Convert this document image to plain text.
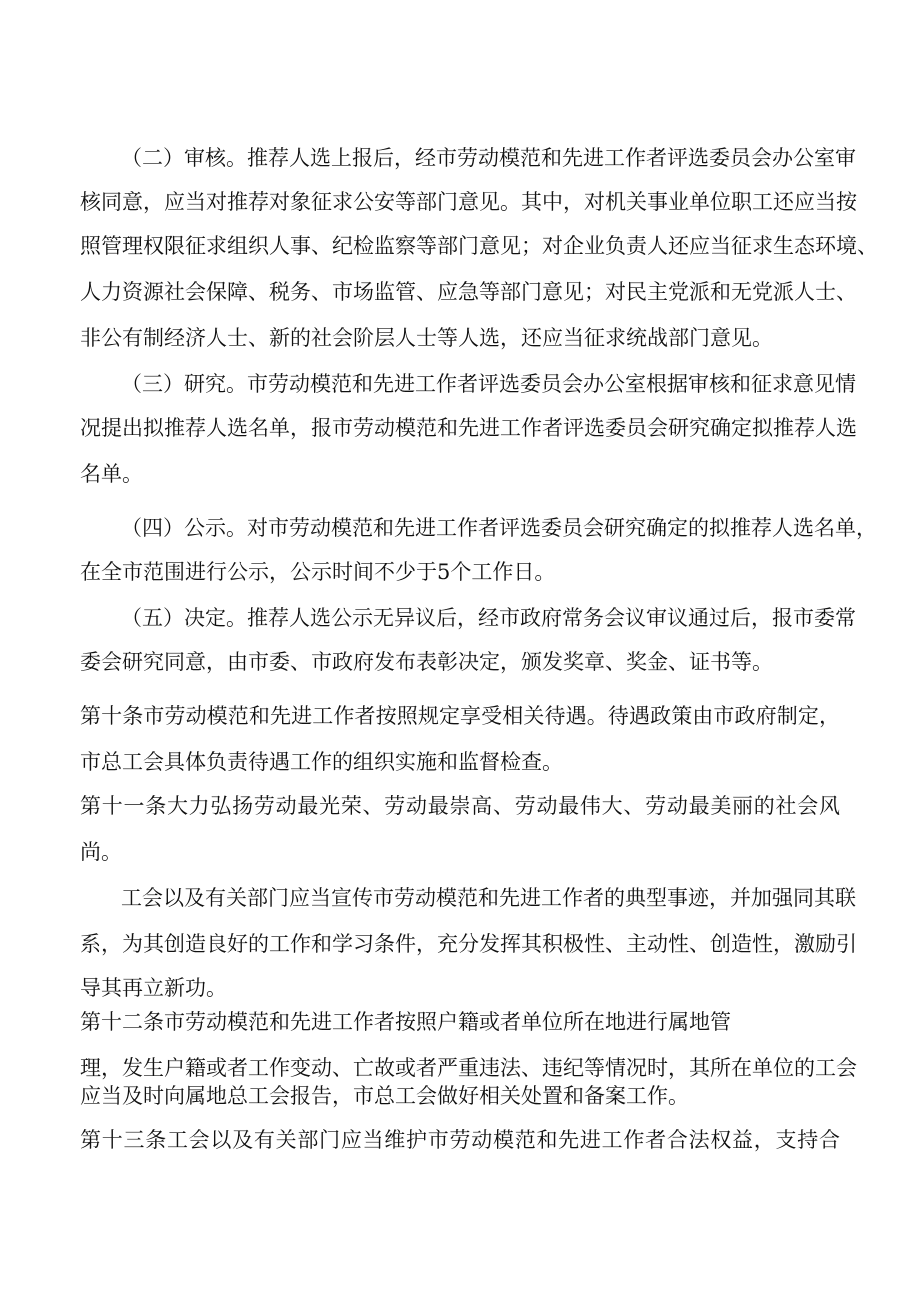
（二）审核。推荐人选上报后，经市劳动模范和先进工作者评选委员会办公室审

核同意，应当对推荐对象征求公安等部门意见。其中，对机关事业单位职工还应当按

照管理权限征求组织人事、纪检监察等部门意见；对企业负责人还应当征求生态环境、

人力资源社会保障、税务、市场监管、应急等部门意见；对民主党派和无党派人士、

非公有制经济人士、新的社会阶层人士等人选，还应当征求统战部门意见。

（三）研究。市劳动模范和先进工作者评选委员会办公室根据审核和征求意见情

况提出拟推荐人选名单，报市劳动模范和先进工作者评选委员会研究确定拟推荐人选

名单。

（四）公示。对市劳动模范和先进工作者评选委员会研究确定的拟推荐人选名单，

在全市范围进行公示，公示时间不少于5个工作日。

（五）决定。推荐人选公示无异议后，经市政府常务会议审议通过后，报市委常

委会研究同意，由市委、市政府发布表彰决定，颁发奖章、奖金、证书等。

第十条市劳动模范和先进工作者按照规定享受相关待遇。待遇政策由市政府制定，

市总工会具体负责待遇工作的组织实施和监督检查。

第十一条大力弘扬劳动最光荣、劳动最崇高、劳动最伟大、劳动最美丽的社会风

尚。

工会以及有关部门应当宣传市劳动模范和先进工作者的典型事迹，并加强同其联

系，为其创造良好的工作和学习条件，充分发挥其积极性、主动性、创造性，激励引

导其再立新功。

第十二条市劳动模范和先进工作者按照户籍或者单位所在地进行属地管

理，发生户籍或者工作变动、亡故或者严重违法、违纪等情况时，其所在单位的工会

应当及时向属地总工会报告，市总工会做好相关处置和备案工作。

第十三条工会以及有关部门应当维护市劳动模范和先进工作者合法权益，支持合
